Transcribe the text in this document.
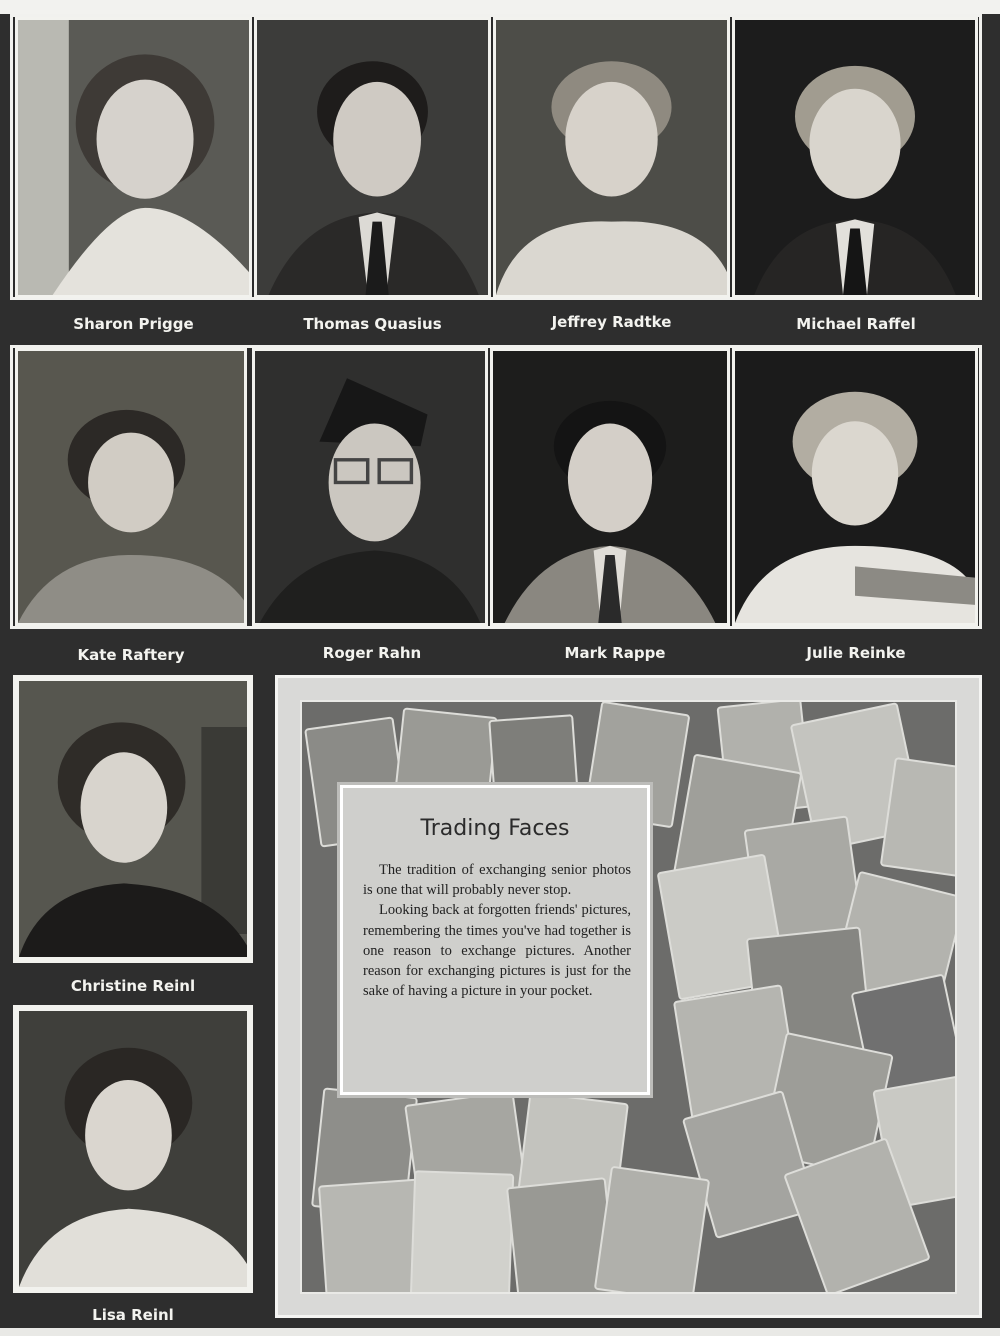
Sharon Prigge	Thomas Quasius	Jeffrey Radtke	Michael Raffel
Kate Raftery	Roger Rahn	Mark Rappe	Julie Reinke
Christine Reinl
Lisa Reinl
Trading Faces

The tradition of exchanging senior photos is one that will probably never stop.

Looking back at forgotten friends' pictures, remembering the times you've had together is one reason to exchange pictures. Another reason for exchanging pictures is just for the sake of having a picture in your pocket.
